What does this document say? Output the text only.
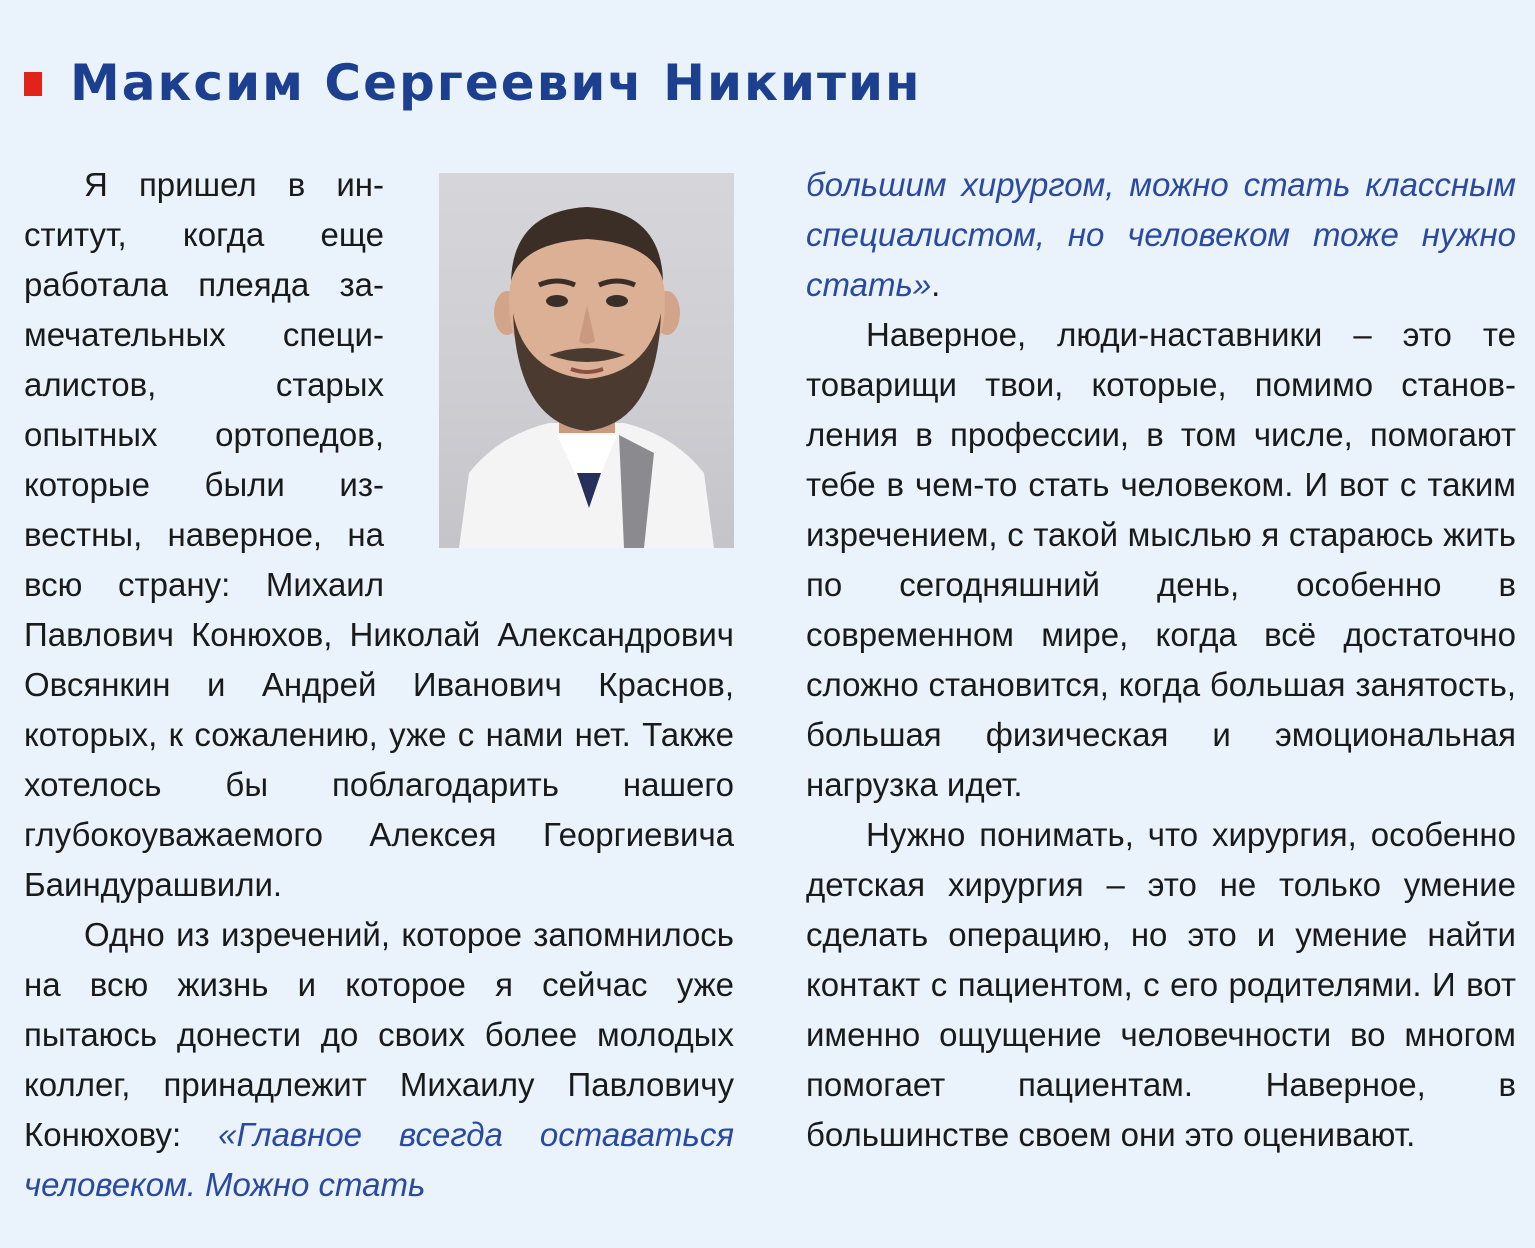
Максим Сергеевич Никитин

Я пришел в институт, когда еще работала плеяда замечательных специалистов, старых опытных ортопедов, которые были известны, наверное, на всю страну: Михаил Павлович Конюхов, Николай Александрович Овсянкин и Андрей Иванович Краснов, которых, к сожалению, уже с нами нет. Также хотелось бы поблагодарить нашего глубокоуважаемого Алексея Георгиевича Баиндурашвили.

Одно из изречений, которое запомнилось на всю жизнь и которое я сейчас уже пытаюсь донести до своих более молодых коллег, принадлежит Михаилу Павловичу Конюхову: «Главное всегда оставаться человеком. Можно стать

большим хирургом, можно стать классным специалистом, но человеком тоже нужно стать».

Наверное, люди-наставники – это те товарищи твои, которые, помимо становления в профессии, в том числе, помогают тебе в чем-то стать человеком. И вот с таким изречением, с такой мыслью я стараюсь жить по сегодняшний день, особенно в современном мире, когда всё достаточно сложно становится, когда большая занятость, большая физическая и эмоциональная нагрузка идет.

Нужно понимать, что хирургия, особенно детская хирургия – это не только умение сделать операцию, но это и умение найти контакт с пациентом, с его родителями. И вот именно ощущение человечности во многом помогает пациентам. Наверное, в большинстве своем они это оценивают.
